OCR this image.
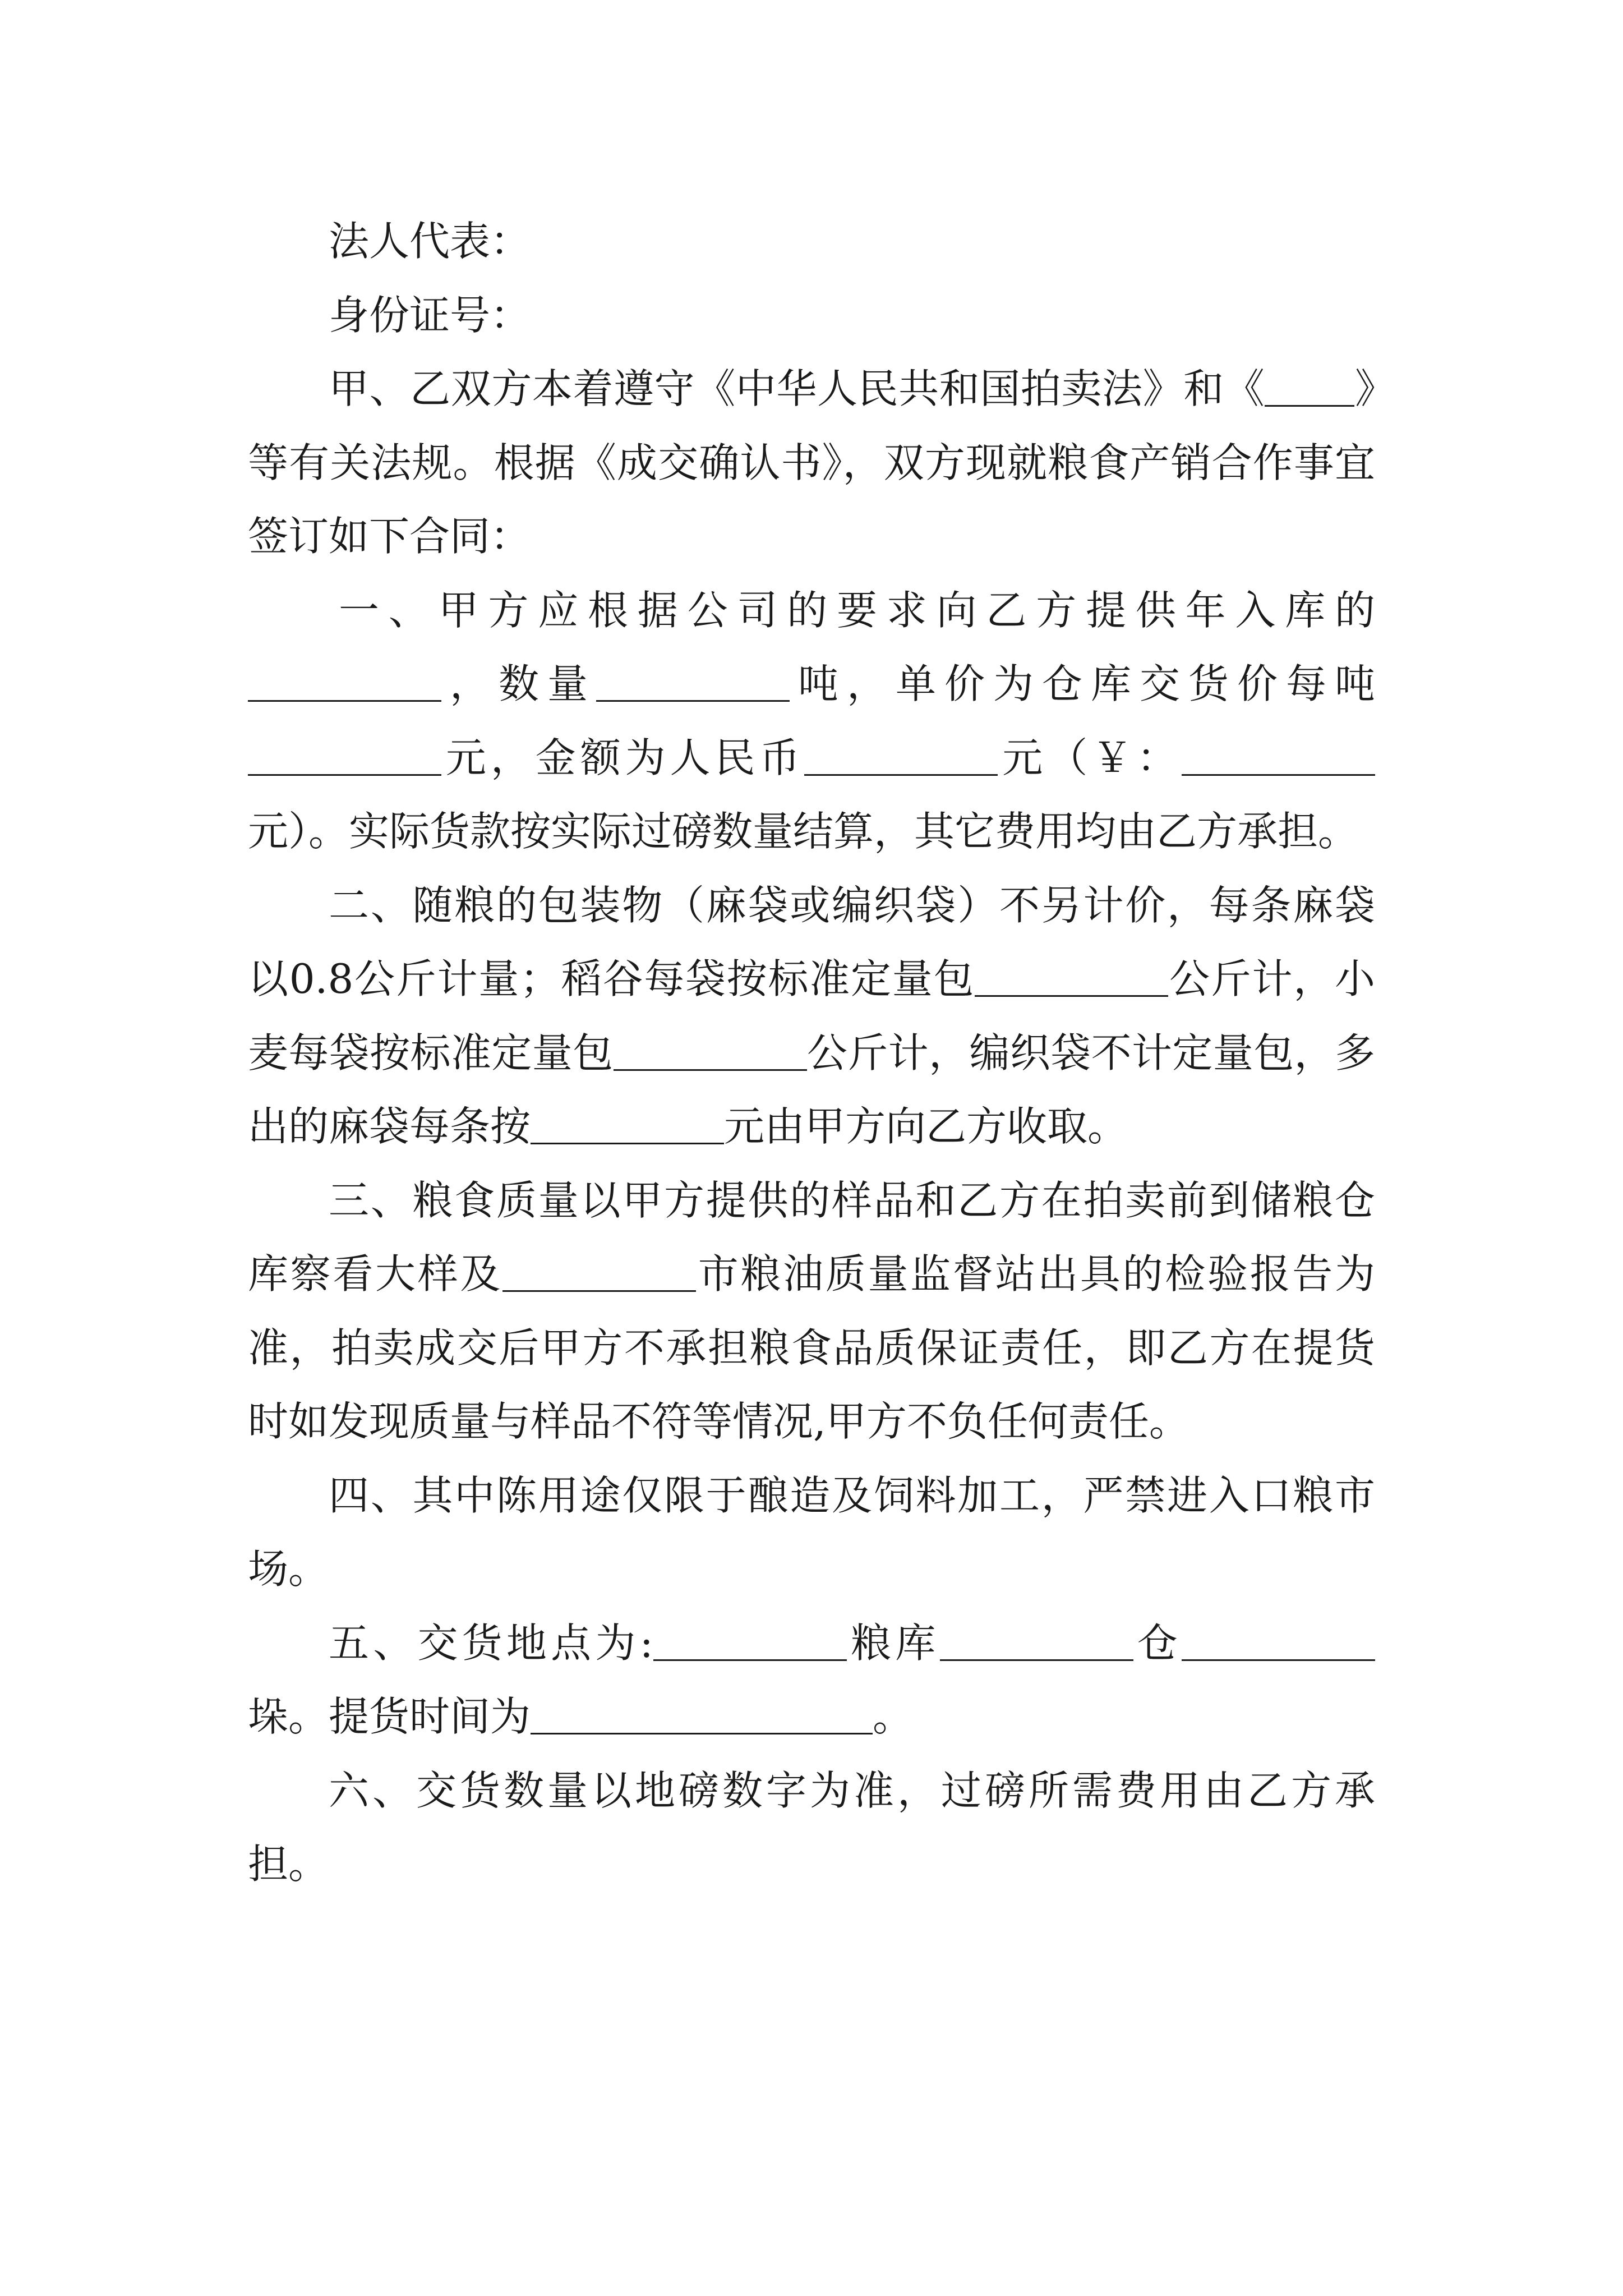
法人代表：

身份证号：

甲、乙双方本着遵守《中华人民共和国拍卖法》和《 》等有关法规。根据《成交确认书》，双方现就粮食产销合作事宜签订如下合同：

一、甲方应根据公司的要求向乙方提供年入库的，数量	吨，单价为仓库交货价每吨元，金额为人民币	元（￥：元）。实际货款按实际过磅数量结算，其它费用均由乙方承担。

二、随粮的包装物（麻袋或编织袋）不另计价，每条麻袋以0.8公斤计量；稻谷每袋按标准定量包	公斤计，小麦每袋按标准定量包	公斤计，编织袋不计定量包，多出的麻袋每条按	元由甲方向乙方收取。

三、粮食质量以甲方提供的样品和乙方在拍卖前到储粮仓库察看大样及	市粮油质量监督站出具的检验报告为准，拍卖成交后甲方不承担粮食品质保证责任，即乙方在提货时如发现质量与样品不符等情况,甲方不负任何责任。

四、其中陈用途仅限于酿造及饲料加工，严禁进入口粮市场。

五、交货地点为:	粮库	仓垛。提货时间为	。

六、交货数量以地磅数字为准，过磅所需费用由乙方承担。
